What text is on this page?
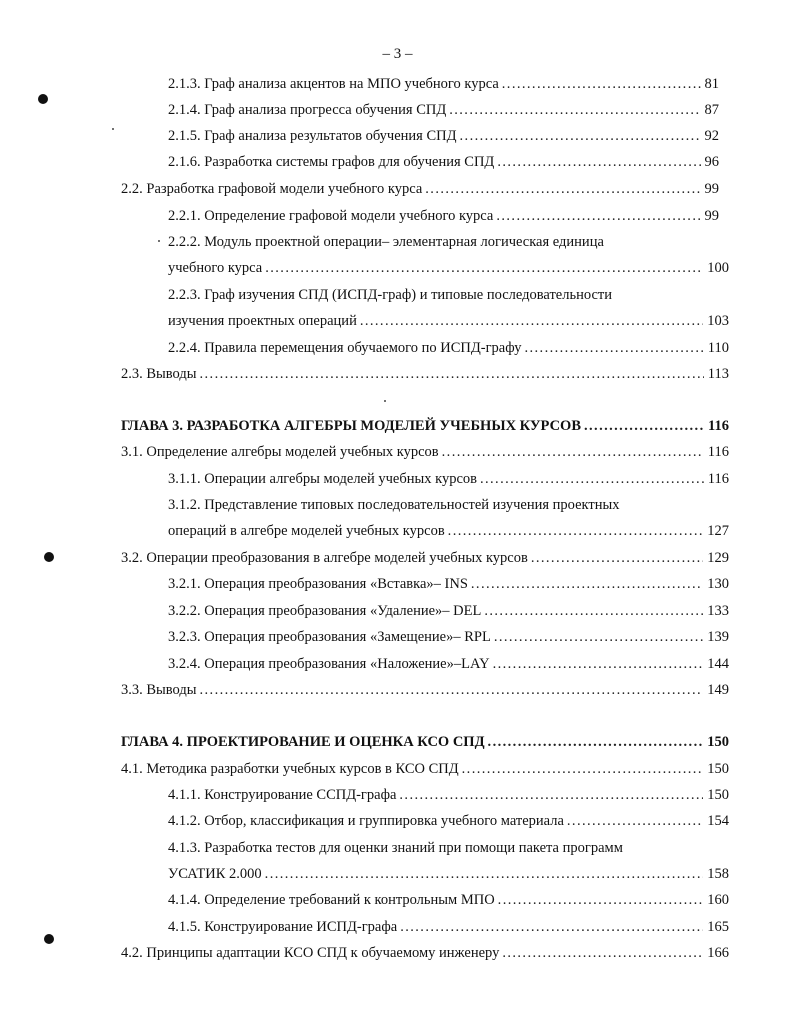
– 3 –
2.1.3. Граф анализа акцентов на МПО учебного курса .....	81
2.1.4. Граф анализа прогресса обучения СПД .....	87
2.1.5. Граф анализа результатов обучения СПД .....	92
2.1.6. Разработка системы графов для обучения СПД .....	96
2.2. Разработка графовой модели учебного курса .....	99
2.2.1. Определение графовой модели учебного курса .....	99
2.2.2. Модуль проектной операции– элементарная логическая единица
учебного курса .....	100
2.2.3. Граф изучения СПД (ИСПД-граф) и типовые последовательности
изучения проектных операций .....	103
2.2.4. Правила перемещения обучаемого по ИСПД-графу .....	110
2.3. Выводы .....	113
ГЛАВА 3. РАЗРАБОТКА АЛГЕБРЫ МОДЕЛЕЙ УЧЕБНЫХ КУРСОВ .....	116
3.1. Определение алгебры моделей учебных курсов .....	116
3.1.1. Операции алгебры моделей учебных курсов .....	116
3.1.2. Представление типовых последовательностей изучения проектных
операций в алгебре моделей учебных курсов .....	127
3.2. Операции преобразования в алгебре моделей учебных курсов .....	129
3.2.1. Операция преобразования «Вставка»– INS .....	130
3.2.2. Операция преобразования «Удаление»– DEL .....	133
3.2.3. Операция преобразования «Замещение»– RPL .....	139
3.2.4. Операция преобразования «Наложение»–LAY .....	144
3.3. Выводы .....	149
ГЛАВА 4. ПРОЕКТИРОВАНИЕ И ОЦЕНКА КСО СПД .....	150
4.1. Методика разработки учебных курсов в КСО СПД .....	150
4.1.1. Конструирование ССПД-графа .....	150
4.1.2. Отбор, классификация и группировка учебного материала .....	154
4.1.3. Разработка тестов для оценки знаний при помощи пакета программ
УСАТИК 2.000 .....	158
4.1.4. Определение требований к контрольным МПО .....	160
4.1.5. Конструирование ИСПД-графа .....	165
4.2. Принципы адаптации КСО СПД к обучаемому инженеру .....	166
